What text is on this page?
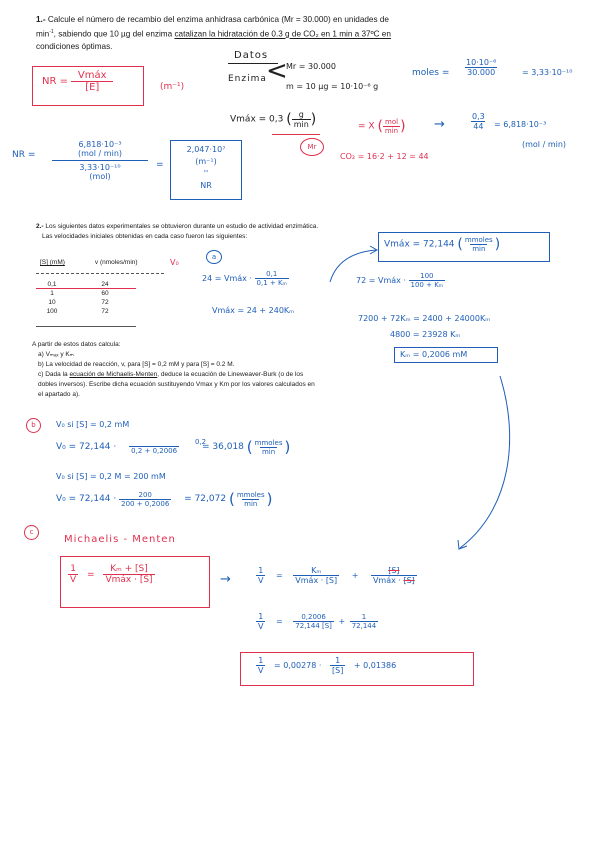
1.- Calcule el número de recambio del enzima anhidrasa carbónica (Mr = 30.000) en unidades de
$\min^{-1}$, sabiendo que 10 µg del enzima catalizan la hidratación de 0.3 g de CO₂ en 1 min a 37ºC en
condiciones óptimas.
NR = $\frac{\text{Vmáx}}{[E]}$	(m⁻¹)
Datos
Enzima <
Mr = 30.000
m = 10 µg = 10·10⁻⁶ g
moles = $\frac{\text{10·10⁻⁶}}{30.000}$	= 3,33·10⁻¹⁰
Vmáx = 0,3 ( $\frac{g}{\min}$ )	= X ( $\frac{\text{mol}}{\min}$ ) →	$\frac{0,3}{44} = 6,818\cdot 10^{-3}$
(mol / min)
Mr
CO₂ = 16·2 + 12 = 44
NR =
6,818·10⁻³
(mol / min)
3,33·10⁻¹⁰
(mol)
=
2,047·10⁷
(m⁻¹)
''
NR
2.- Los siguientes datos experimentales se obtuvieron durante un estudio de actividad enzimática.
Las velocidades iniciales obtenidas en cada caso fueron las siguientes:
[S] (mM)	v (nmoles/min)	V₀
0,1	24
1	60
10	72
100	72
A partir de estos datos calcula:
a) Vₘₐₓ y Kₘ
b) La velocidad de reacción, v, para [S] = 0,2 mM y para [S] = 0.2 M.
c) Dada la ecuación de Michaelis-Menten, deduce la ecuación de Lineweaver-Burk (o de los
dobles inversos). Escribe dicha ecuación sustituyendo Vmax y Km por los valores calculados en
el apartado a).
a
24 = Vmáx · $\frac{0,1}{\text{0,1 + Kₘ}}$
Vmáx = 24 + 240Kₘ
72 = Vmáx · $\frac{100}{\text{100 + Kₘ}}$
Vmáx = 72,144 ( $\frac{\text{mmoles}}{\min}$ )
7200 + 72Kₘ = 2400 + 24000Kₘ
4800 = 23928 Kₘ
Kₘ = 0,2006 mM
b	V₀ si [S] = 0,2 mM
V₀ = 72,144 · 0,2 + 0,2006	= 36,018 ( $\frac{\text{mmoles}}{\min}$ )
0,2
V₀ si [S] = 0,2 M = 200 mM
$V_0 = 72,144 \cdot \frac{200}{200 + 0,2006} = 72,072$ ( $\frac{\text{mmoles}}{\min}$ )
c
Michaelis - Menten
$\frac{1}{V} = \frac{\text{Kₘ + [S]}}{\text{Vmáx · [S]}}$	→	$\frac{1}{V} = \frac{\text{Kₘ}}{\text{Vmáx · [S]}} + \frac{[S]}{\text{Vmáx · [S]}}$
$\frac{1}{V} = \frac{0,2006}{72,144 [S]} + \frac{1}{72,144}$
$\frac{1}{V} = 0,00278 \cdot \frac{1}{[S]} + 0,01386$
